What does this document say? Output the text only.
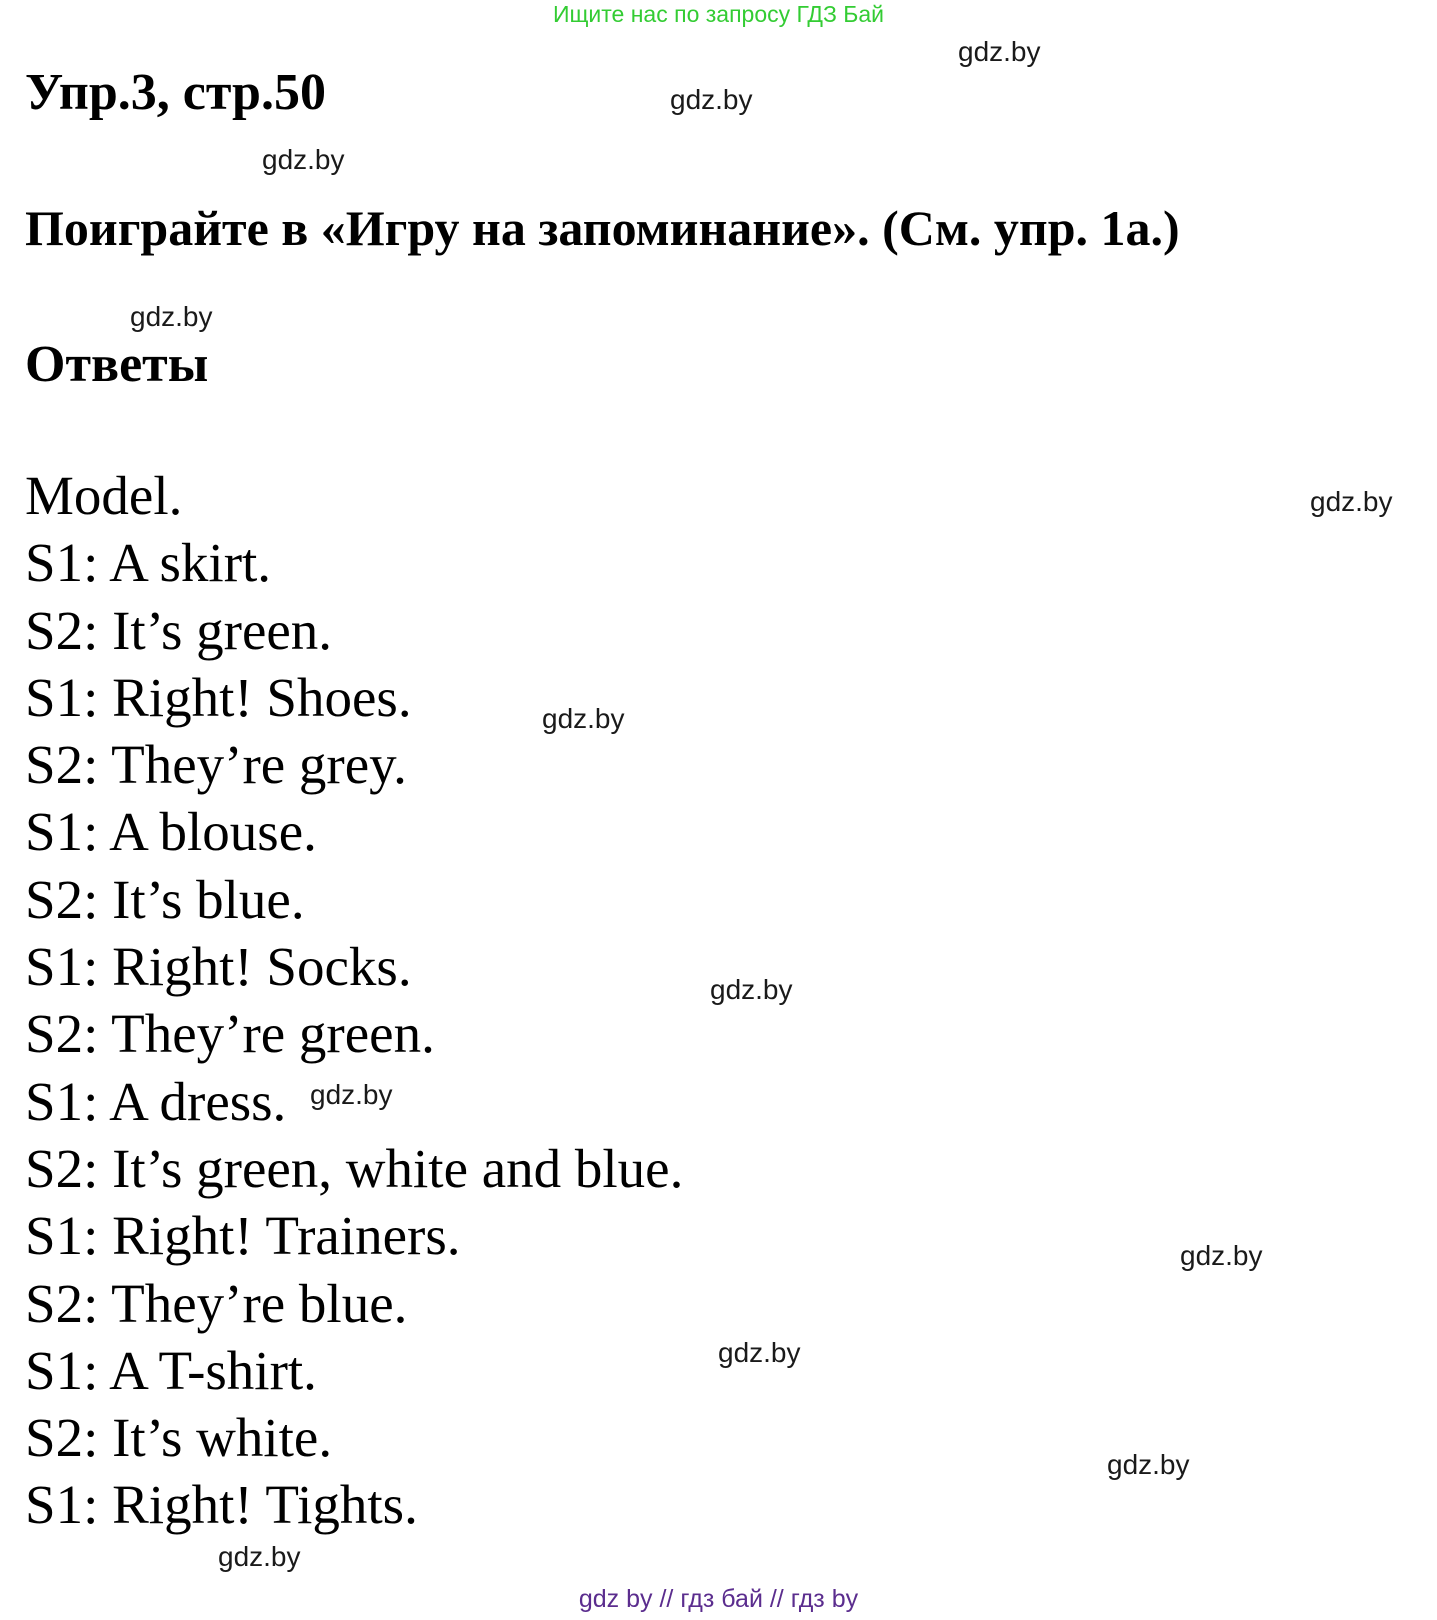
Ищите нас по запросу ГДЗ Бай
Упр.3, стр.50
Поиграйте в «Игру на запоминание». (См. упр. 1а.)
Ответы
Model.
S1: A skirt.
S2: It’s green.
S1: Right! Shoes.
S2: They’re grey.
S1: A blouse.
S2: It’s blue.
S1: Right! Socks.
S2: They’re green.
S1: A dress.
S2: It’s green, white and blue.
S1: Right! Trainers.
S2: They’re blue.
S1: A T-shirt.
S2: It’s white.
S1: Right! Tights.
gdz.by
gdz.by
gdz.by
gdz.by
gdz.by
gdz.by
gdz.by
gdz.by
gdz.by
gdz.by
gdz.by
gdz.by
gdz by // гдз бай // гдз by
